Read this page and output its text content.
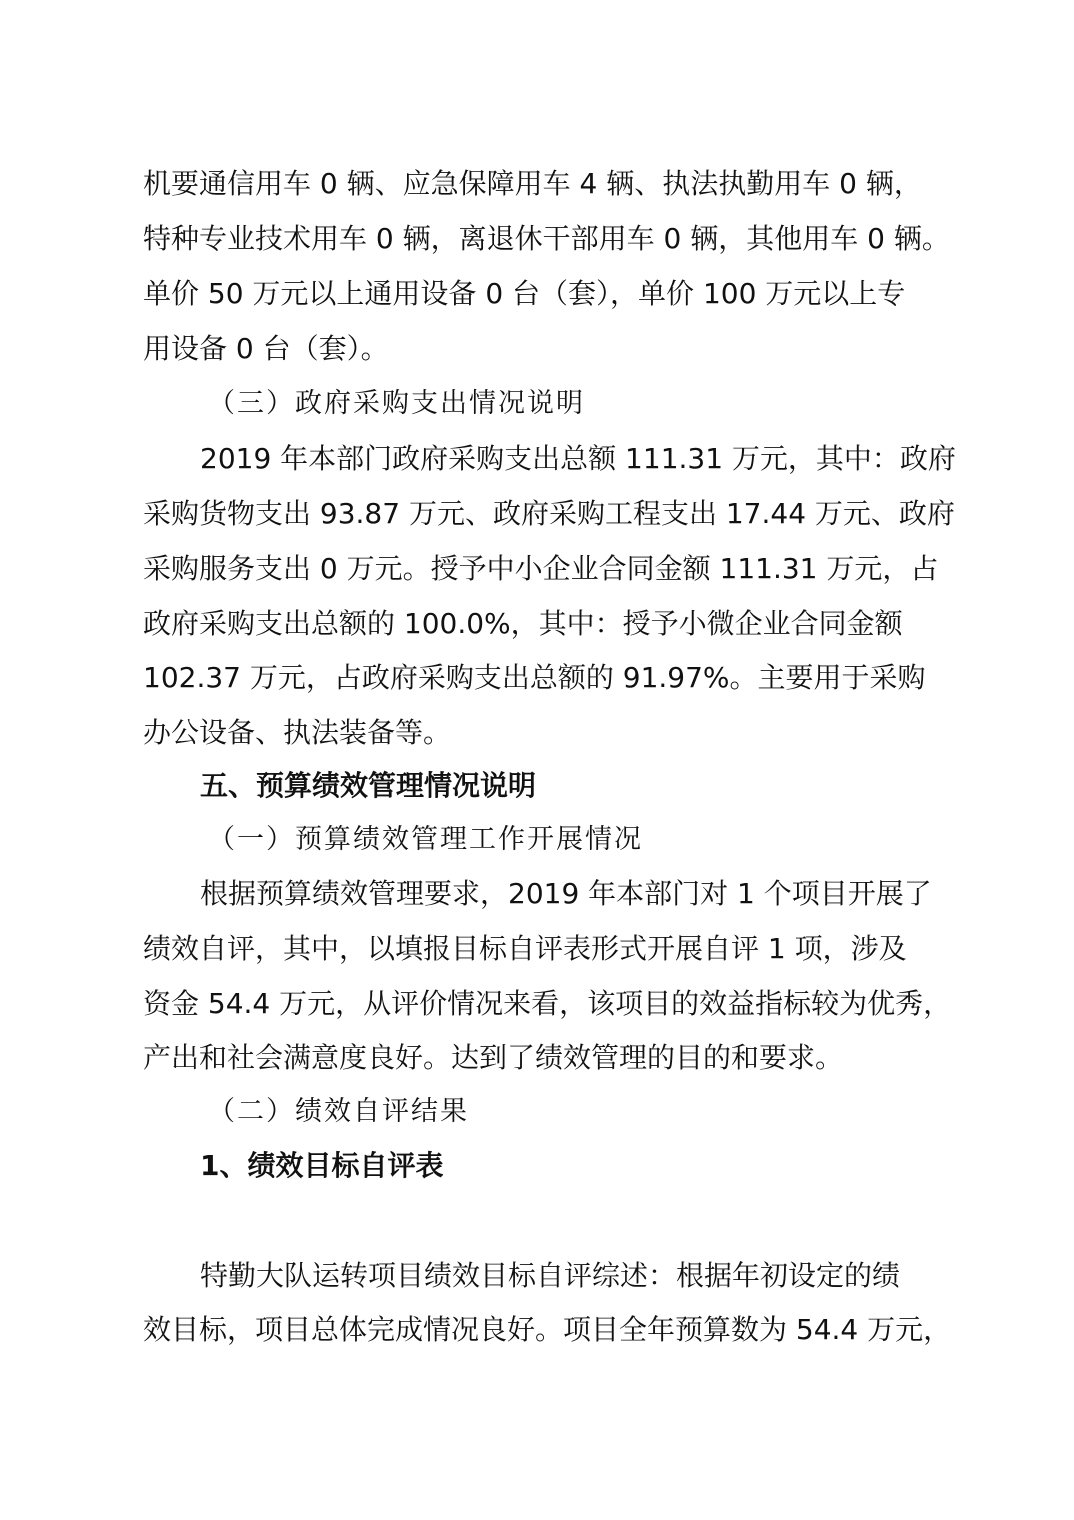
机要通信用车 0 辆、应急保障用车 4 辆、执法执勤用车 0 辆，
特种专业技术用车 0 辆，离退休干部用车 0 辆，其他用车 0 辆。
单价 50 万元以上通用设备 0 台（套），单价 100 万元以上专
用设备 0 台（套）。
（三）政府采购支出情况说明
2019 年本部门政府采购支出总额 111.31 万元，其中：政府
采购货物支出 93.87 万元、政府采购工程支出 17.44 万元、政府
采购服务支出 0 万元。授予中小企业合同金额 111.31 万元，占
政府采购支出总额的 100.0%，其中：授予小微企业合同金额
102.37 万元，占政府采购支出总额的 91.97%。主要用于采购
办公设备、执法装备等。
五、预算绩效管理情况说明
（一）预算绩效管理工作开展情况
根据预算绩效管理要求，2019 年本部门对 1 个项目开展了
绩效自评，其中，以填报目标自评表形式开展自评 1 项，涉及
资金 54.4 万元，从评价情况来看，该项目的效益指标较为优秀，
产出和社会满意度良好。达到了绩效管理的目的和要求。
（二）绩效自评结果
1、绩效目标自评表
特勤大队运转项目绩效目标自评综述：根据年初设定的绩
效目标，项目总体完成情况良好。项目全年预算数为 54.4 万元，
